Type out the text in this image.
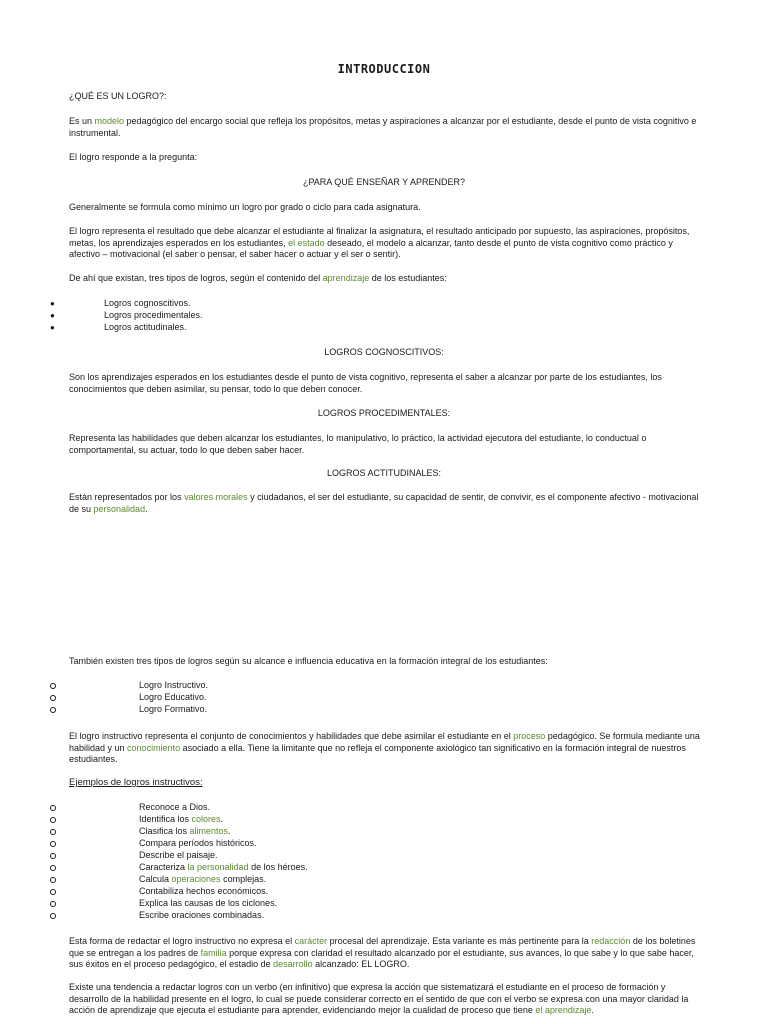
INTRODUCCION
¿QUÉ ES UN LOGRO?:
Es un modelo pedagógico del encargo social que refleja los propósitos, metas y aspiraciones a alcanzar por el estudiante, desde el punto de vista cognitivo e instrumental.
El logro responde a la pregunta:
¿PARA QUÉ ENSEÑAR Y APRENDER?
Generalmente se formula como mínimo un logro por grado o ciclo para cada asignatura.
El logro representa el resultado que debe alcanzar el estudiante al finalizar la asignatura, el resultado anticipado por supuesto, las aspiraciones, propósitos, metas, los aprendizajes esperados en los estudiantes, el estado deseado, el modelo a alcanzar, tanto desde el punto de vista cognitivo como práctico y afectivo – motivacional (el saber o pensar, el saber hacer o actuar y el ser o sentir).
De ahí que existan, tres tipos de logros, según el contenido del aprendizaje de los estudiantes:
●	Logros cognoscitivos.
●	Logros procedimentales.
●	Logros actitudinales.
LOGROS COGNOSCITIVOS:
Son los aprendizajes esperados en los estudiantes desde el punto de vista cognitivo, representa el saber a alcanzar por parte de los estudiantes, los conocimientos que deben asimilar, su pensar, todo lo que deben conocer.
LOGROS PROCEDIMENTALES:
Representa las habilidades que deben alcanzar los estudiantes, lo manipulativo, lo práctico, la actividad ejecutora del estudiante, lo conductual o comportamental, su actuar, todo lo que deben saber hacer.
LOGROS ACTITUDINALES:
Están representados por los valores morales y ciudadanos, el ser del estudiante, su capacidad de sentir, de convivir, es el componente afectivo - motivacional de su personalidad.
También existen tres tipos de logros según su alcance e influencia educativa en la formación integral de los estudiantes:
Logro Instructivo.
Logro Educativo.
Logro Formativo.
El logro instructivo representa el conjunto de conocimientos y habilidades que debe asimilar el estudiante en el proceso pedagógico. Se formula mediante una habilidad y un conocimiento asociado a ella. Tiene la limitante que no refleja el componente axiológico tan significativo en la formación integral de nuestros estudiantes.
Ejemplos de logros instructivos:
Reconoce a Dios.
Identifica los colores.
Clasifica los alimentos.
Compara períodos históricos.
Describe el paisaje.
Caracteriza la personalidad de los héroes.
Calcula operaciones complejas.
Contabiliza hechos económicos.
Explica las causas de los ciclones.
Escribe oraciones combinadas.
Esta forma de redactar el logro instructivo no expresa el carácter procesal del aprendizaje. Esta variante es más pertinente para la redacción de los boletines que se entregan a los padres de familia porque expresa con claridad el resultado alcanzado por el estudiante, sus avances, lo que sabe y lo que sabe hacer, sus éxitos en el proceso pedagógico, el estadio de desarrollo alcanzado: EL LOGRO.
Existe una tendencia a redactar logros con un verbo (en infinitivo) que expresa la acción que sistematizará el estudiante en el proceso de formación y desarrollo de la habilidad presente en el logro, lo cual se puede considerar correcto en el sentido de que con el verbo se expresa con una mayor claridad la acción de aprendizaje que ejecuta el estudiante para aprender, evidenciando mejor la cualidad de proceso que tiene el aprendizaje.
